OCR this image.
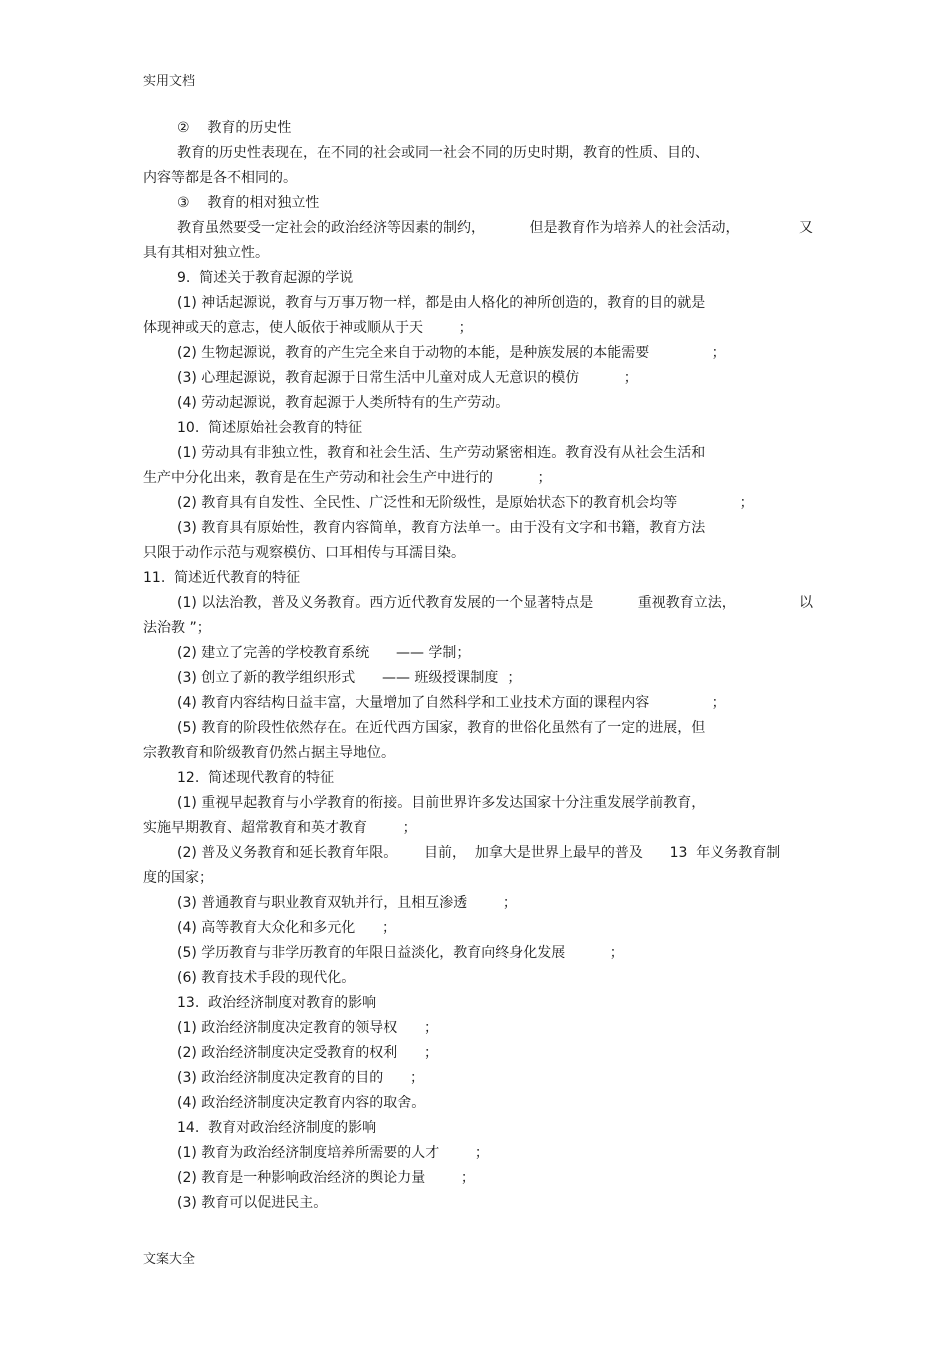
实用文档
②    教育的历史性
教育的历史性表现在，在不同的社会或同一社会不同的历史时期，教育的性质、目的、
内容等都是各不相同的。
③    教育的相对独立性
教育虽然要受一定社会的政治经济等因素的制约，          但是教育作为培养人的社会活动，	又
具有其相对独立性。
9.  简述关于教育起源的学说
(1) 神话起源说，教育与万事万物一样，都是由人格化的神所创造的，教育的目的就是
体现神或天的意志，使人皈依于神或顺从于天        ；
(2) 生物起源说，教育的产生完全来自于动物的本能，是种族发展的本能需要              ；
(3) 心理起源说，教育起源于日常生活中儿童对成人无意识的模仿          ；
(4) 劳动起源说，教育起源于人类所特有的生产劳动。
10.  简述原始社会教育的特征
(1) 劳动具有非独立性，教育和社会生活、生产劳动紧密相连。教育没有从社会生活和
生产中分化出来，教育是在生产劳动和社会生产中进行的          ；
(2) 教育具有自发性、全民性、广泛性和无阶级性，是原始状态下的教育机会均等              ；
(3) 教育具有原始性，教育内容简单，教育方法单一。由于没有文字和书籍，教育方法
只限于动作示范与观察模仿、口耳相传与耳濡目染。
11.  简述近代教育的特征
(1) 以法治教，普及义务教育。西方近代教育发展的一个显著特点是          重视教育立法，	以
法治教 ”；
(2) 建立了完善的学校教育系统      —— 学制；
(3) 创立了新的教学组织形式      —— 班级授课制度  ；
(4) 教育内容结构日益丰富，大量增加了自然科学和工业技术方面的课程内容              ；
(5) 教育的阶段性依然存在。在近代西方国家，教育的世俗化虽然有了一定的进展，但
宗教教育和阶级教育仍然占据主导地位。
12.  简述现代教育的特征
(1) 重视早起教育与小学教育的衔接。目前世界许多发达国家十分注重发展学前教育，
实施早期教育、超常教育和英才教育        ；
(2) 普及义务教育和延长教育年限。      目前，  加拿大是世界上最早的普及      13  年义务教育制
度的国家；
(3) 普通教育与职业教育双轨并行，且相互渗透        ；
(4) 高等教育大众化和多元化      ；
(5) 学历教育与非学历教育的年限日益淡化，教育向终身化发展          ；
(6) 教育技术手段的现代化。
13.  政治经济制度对教育的影响
(1) 政治经济制度决定教育的领导权      ；
(2) 政治经济制度决定受教育的权利      ；
(3) 政治经济制度决定教育的目的      ；
(4) 政治经济制度决定教育内容的取舍。
14.  教育对政治经济制度的影响
(1) 教育为政治经济制度培养所需要的人才        ；
(2) 教育是一种影响政治经济的舆论力量        ；
(3) 教育可以促进民主。
文案大全
